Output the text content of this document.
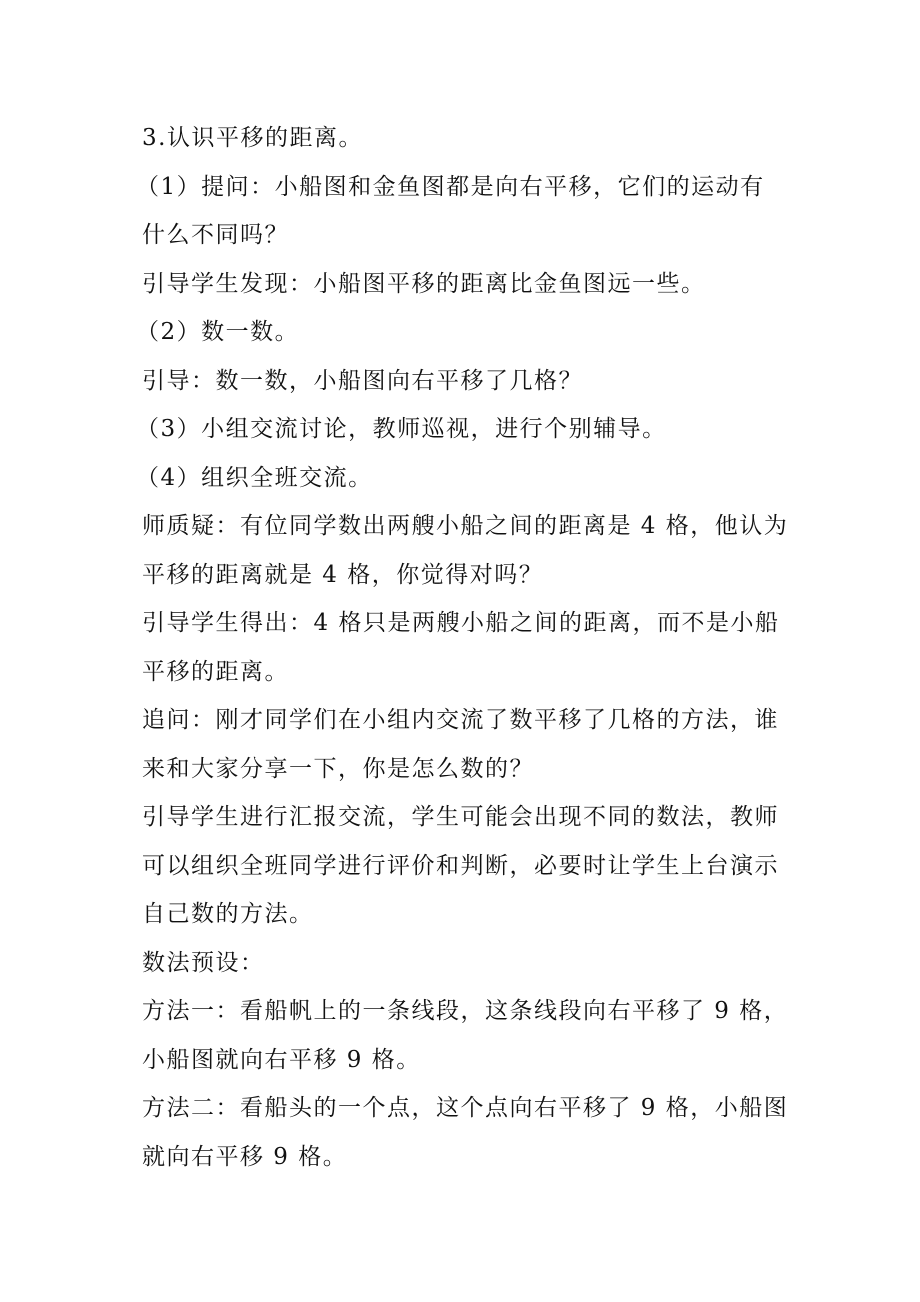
3.认识平移的距离。
（1）提问：小船图和金鱼图都是向右平移，它们的运动有
什么不同吗？
引导学生发现：小船图平移的距离比金鱼图远一些。
（2）数一数。
引导：数一数，小船图向右平移了几格？
（3）小组交流讨论，教师巡视，进行个别辅导。
（4）组织全班交流。
师质疑：有位同学数出两艘小船之间的距离是 4 格，他认为
平移的距离就是 4 格，你觉得对吗？
引导学生得出：4 格只是两艘小船之间的距离，而不是小船
平移的距离。
追问：刚才同学们在小组内交流了数平移了几格的方法，谁
来和大家分享一下，你是怎么数的？
引导学生进行汇报交流，学生可能会出现不同的数法，教师
可以组织全班同学进行评价和判断，必要时让学生上台演示
自己数的方法。
数法预设：
方法一：看船帆上的一条线段，这条线段向右平移了 9 格，
小船图就向右平移 9 格。
方法二：看船头的一个点，这个点向右平移了 9 格，小船图
就向右平移 9 格。
